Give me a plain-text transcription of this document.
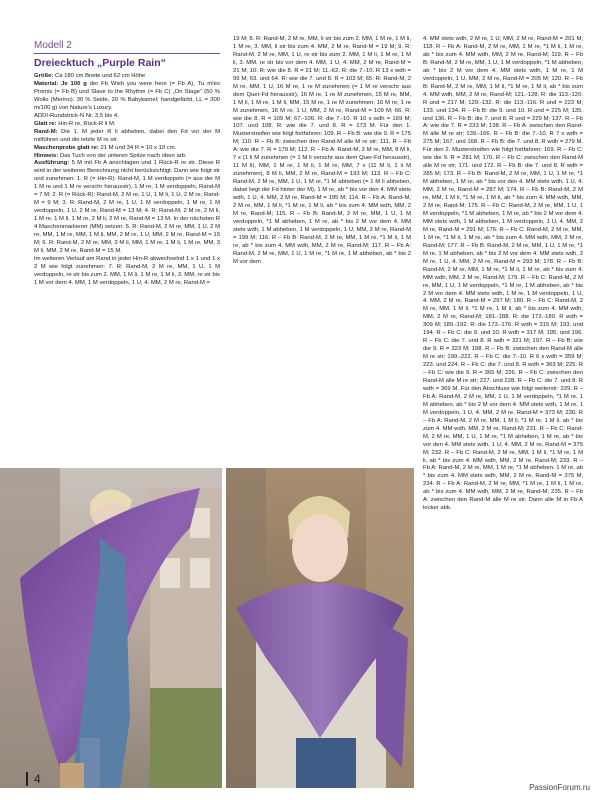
Modell 2
Dreiecktuch „Purple Rain“

Größe: Ca 180 cm Breite und 62 cm Höhe

Material: Je 100 g der Fb Wish you were here (= Fb A), Tu m!es Promis (= Fb B) und Slave to the Rhythm (= Fb C) „On Stage“ (50 % Wolle (Merino). 30 % Seide, 20 % Babykamel; handgefärbt, LL = 300 m/100 g) von Nature’s Luxury.

ADDI-Rundstrick-N Nr. 3,5 bis 4.

Glatt re: Hin-R re, Rück-R li M.

Rand-M: Die 1. M jeder R li abheben, dabei den Fd vor der M mitführen und die letzte M re str.

Maschenprobe glatt re: 21 M und 34 R = 10 x 10 cm.

Hinweis: Das Tuch von der unteren Spitze nach oben arb.

Ausführung: 5 M mit Fb A anschlagen und 1 Rück-R re str. Diese R wird in der weiteren Berechnung nicht berücksichtigt. Dann wie folgt str und zunehmen: 1. R (= Hin-R): Rand-M, 1 M verdoppeln (= aus der M 1 M re und 1 M re verschr herausstr), 1 M re, 1 M verdoppeln, Rand-M = 7 M; 2. R (= Rück-R): Rand-M, 2 M re, 1 U, 1 M li, 1 U, 2 M re, Rand-M = 9 M; 3. R: Rand-M, 2 M re, 1 U, 1 M verdoppeln, 1 M re, 1 M verdoppeln, 1 U, 2 M re, Rand-M = 13 M; 4. R: Rand-M, 2 M re, 2 M li, 1 M re, 1 M li, 1 M re, 2 M li, 2 M re, Rand-M = 13 M. In der nächsten R 4 Maschenmarkierer (MM) setzen. 5. R: Rand-M, 2 M re, MM, 1 U, 2 M re, MM, 1 M re, MM, 1 M li, MM, 2 M re, 1 U, MM, 2 M re, Rand-M = 15 M; 6. R: Rand-M, 2 M re, MM, 3 M li, MM, 1 M re, 1 M li, 1 M re, MM, 3 M li, MM, 2 M re, Rand-M = 15 M.

Im weiteren Verlauf am Rand in jeder Hin-R abwechselnd 1 x 1 und 1 x 2 M wie folgt zunehmen: 7. R: Rand-M, 2 M re, MM, 1 U, 1 M verdoppeln, re str bis zum 2. MM, 1 M li, 1 M re, 1 M li, 3. MM, re str bis 1 M vor dem 4. MM, 1 M verdoppeln, 1 U, 4. MM, 2 M re, Rand-M =

19 M; 8. R: Rand-M, 2 M re, MM, li str bis zum 2. MM, 1 M re, 1 M li, 1 M re, 3. MM, li str bis zum 4. MM, 2 M re, Rand-M = 19 M; 9. R: Rand-M, 2 M re, MM, 1 U, re str bis zum 2. MM, 1 M li, 1 M re, 1 M li, 3. MM, re str bis vor dem 4. MM, 1 U, 4. MM, 2 M re, Rand-M = 21 M; 10. R: wie die 8. R = 21 M; 11.-62. R: die 7.-10. R 13 x wdh = 99 M; 63. und 64. R: wie die 7. und 8. R = 103 M; 65. R: Rand-M, 2 M re, MM, 1 U, 16 M re, 1 re M zunehmen (= 1 M re verschr aus dem Quer-Fd herausstr), 16 M re, 1 re M zunehmen, 15 M re, MM, 1 M li, 1 M re, 1 M li, MM, 15 M re, 1 re M zunehmen, 16 M re, 1 re M zunehmen, 16 M re, 1 U, MM, 2 M re, Rand-M = 109 M; 66. R: wie die 8. R = 109 M; 67.-106. R: die 7.-10. R 10 x wdh = 169 M; 107. und 108. R: wie die 7. und 8. R = 173 M. Für den 1. Musterstreifen wie folgt fortfahren: 109. R – Fb B: wie die 9. R = 175 M; 110. R – Fb B: zwischen den Rand-M alle M re str; 111. R – Fb A: wie die 7. R = 179 M; 112. R – Fb A: Rand-M, 2 M re, MM, 8 M li, 7 x (1 li M zunehmen (= 1 M li verschr aus dem Quer-Fd herausstr), 11 M li), MM, 1 M re, 1 M li, 1 M re, MM, 7 x (11 M li, 1 li M zunehmen), 8 M li, MM, 2 M re, Rand-M = 193 M; 113. R – Fb C: Rand-M, 2 M re, MM, 1 U, 1 M re, *1 M abheben (= 1 M li abheben, dabei liegt der Fd hinter der M), 1 M re, ab * bis vor den 4. MM stets wdh, 1 U, 4. MM, 2 M re, Rand-M = 195 M; 114. R – Fb A: Rand-M, 2 M re, MM, 1 M li, *1 M re, 1 M li, ab * bis zum 4. MM wdh, MM, 2 M re, Rand-M; 115. R – Fb B: Rand-M, 2 M re, MM, 1 U, 1 M verdoppeln, *1 M abheben, 1 M re, ab * bis 2 M vor dem 4. MM stets wdh, 1 M abheben, 1 M verdoppeln, 1 U, MM, 2 M re, Rand-M = 199 M; 116. R – Fb B: Rand-M, 2 M re, MM, 1 M re, *1 M li, 1 M re, ab * bis zum 4. MM wdh, MM, 2 M re, Rand-M; 117. R – Fb A: Rand-M, 2 M re, MM, 1 U, 1 M re, *1 M re, 1 M abheben, ab * bis 2 M vor dem

4. MM stets wdh, 2 M re, 1 U, MM, 2 M re, Rand-M = 201 M; 118. R – Fb A: Rand-M, 2 M re, MM, 1 M re, *1 M li, 1 M re, ab * bis zum 4. MM wdh, MM, 2 M re, Rand-M; 119. R – Fb B: Rand-M, 2 M re, MM, 1 U, 1 M verdoppeln, *1 M abheben, ab * bis 2 M vor dem 4. MM stets wdh, 1 M re, 1 M verdoppeln, 1 U, MM, 2 M re, Rand-M = 205 M; 120. R – Fb B: Rand-M, 2 M re, MM, 1 M li, *1 M re, 1 M li, ab * bis zum 4. MM wdh, MM, 2 M re, Rand-M; 121.-128. R: die 113.-120. R und = 217 M; 129.-132. R: die 113.-116. R und = 223 M; 133. und 134. R – Fb B: die 9. und 10. R und = 225 M; 135. und 136. R – Fb B: die 7. und 8. R und = 229 M; 137. R – Fb A: wie die 7. R = 233 M; 138. R – Fb A: zwischen den Rand-M alle M re str; 139.-166. R – Fb B: die 7.-10. R 7 x wdh = 275 M; 167. und 168. R – Fb B: die 7. und 8. R wdh = 279 M. Für den 2. Musterstreifen wie folgt fortfahren: 169. R – Fb C: wie die 9. R = 281 M; 170. R – Fb C: zwischen den Rand-M alle M re str; 171. und 172. R – Fb B: die 7. und 8. R wdh = 285 M; 173. R – Fb B: Rand-M, 2 M re, MM, 1 U, 1 M re, *1 M abheben, 1 M re, ab * bis vor den 4. MM stets wdh, 1 U, 4. MM, 2 M re, Rand-M = 287 M; 174. R – Fb B: Rand-M, 2 M re, MM, 1 M li, *1 M re, 1 M li, ab * bis zum 4. MM wdh, MM, 2 M re, Rand-M; 175. R – Fb C: Rand-M, 2 M re, MM, 1 U, 1 M verdoppeln, *1 M abheben, 1 M re, ab * bis 2 M vor dem 4. MM stets wdh, 1 M abheben, 1 M verdoppeln, 1 U, 4. MM, 2 M re, Rand-M = 291 M; 176. R – Fb C: Rand-M, 2 M re, MM, 1 M re, *1 M li, 1 M re, ab * bis zum 4. MM wdh, MM, 2 M re, Rand-M; 177. R – Fb B: Rand-M, 2 M re, MM, 1 U, 1 M re, *1 M re, 1 M abheben, ab * bis 2 M vor dem 4. MM stets wdh, 2 M re, 1 U, 4. MM, 2 M re, Rand-M = 293 M; 178. R – Fb B: Rand-M, 2 M re, MM, 1 M re, *1 M li, 1 M re, ab * bis zum 4. MM wdh, MM, 2 M re, Rand-M; 179. R – Fb C: Rand-M, 2 M re, MM, 1 U, 1 M verdoppeln, *1 M re, 1 M abheben, ab * bis 2 M vor dem 4. MM stets wdh, 1 M re, 1 M verdoppeln, 1 U, 4. MM, 2 M re, Rand-M = 297 M; 180. R – Fb C: Rand-M, 2 M re, MM, 1 M li, *1 M re, 1 M li, ab * bis zum 4. MM wdh, MM, 2 M re, Rand-M; 181.-188. R: die 173.-180. R wdh = 309 M; 189.-192. R: die 173.-176. R wdh = 315 M; 193. und 194. R – Fb C: die 9. und 10. R wdh = 317 M; 195. und 196. R – Fb C: die 7. und 8. R wdh = 321 M; 197. R – Fb B: wie die 9. R = 323 M; 198. R – Fb B: zwischen den Rand-M alle M re str; 199.-222. R – Fb C: die 7.-10. R 6 x wdh = 359 M; 223. und 224. R – Fb C: die 7. und 8. R wdh = 363 M; 225. R – Fb C: wie die 9. R = 365 M; 226. R – Fb C: zwischen den Rand-M alle M re str; 227. und 228. R – Fb C: die 7. und 8. R wdh = 369 M. Für den Abschluss wie folgt weiterstr: 229. R – Fb A: Rand-M, 2 M re, MM, 1 U, 1 M verdoppeln, *1 M re, 1 M abheben, ab * bis 2 M vor dem 4. MM stets wdh, 1 M re, 1 M verdoppeln, 1 U, 4. MM, 2 M re, Rand-M = 373 M; 230. R – Fb A: Rand-M, 2 M re, MM, 1 M li, *1 M re, 1 M li, ab * bis zum 4. MM wdh, MM, 2 M re, Rand-M; 231. R – Fb C: Rand-M, 2 M re, MM, 1 U, 1 M re, *1 M abheben, 1 M re, ab * bis vor den 4. MM stets wdh, 1 U, 4. MM, 2 M re, Rand-M = 375 M; 232. R – Fb C: Rand-M, 2 M re, MM, 1 M li, *1 M re, 1 M li, ab * bis zum 4. MM wdh, MM, 2 M re, Rand-M; 233. R – Fb A: Rand-M, 2 M re, MM, 1 M re, *1 M abheben, 1 M re, ab * bis zum 4. MM stets wdh, MM, 2 M re, Rand-M = 375 M; 234. R – Fb A: Rand-M, 2 M re, MM, *1 M re, 1 M li, 1 M re, ab * bis zum 4. MM wdh, MM, 2 M re, Rand-M; 235. R – Fb A: zwischen den Rand-M alle M re str. Dann alle M in Fb A locker abk.

4
PassionForum.ru
